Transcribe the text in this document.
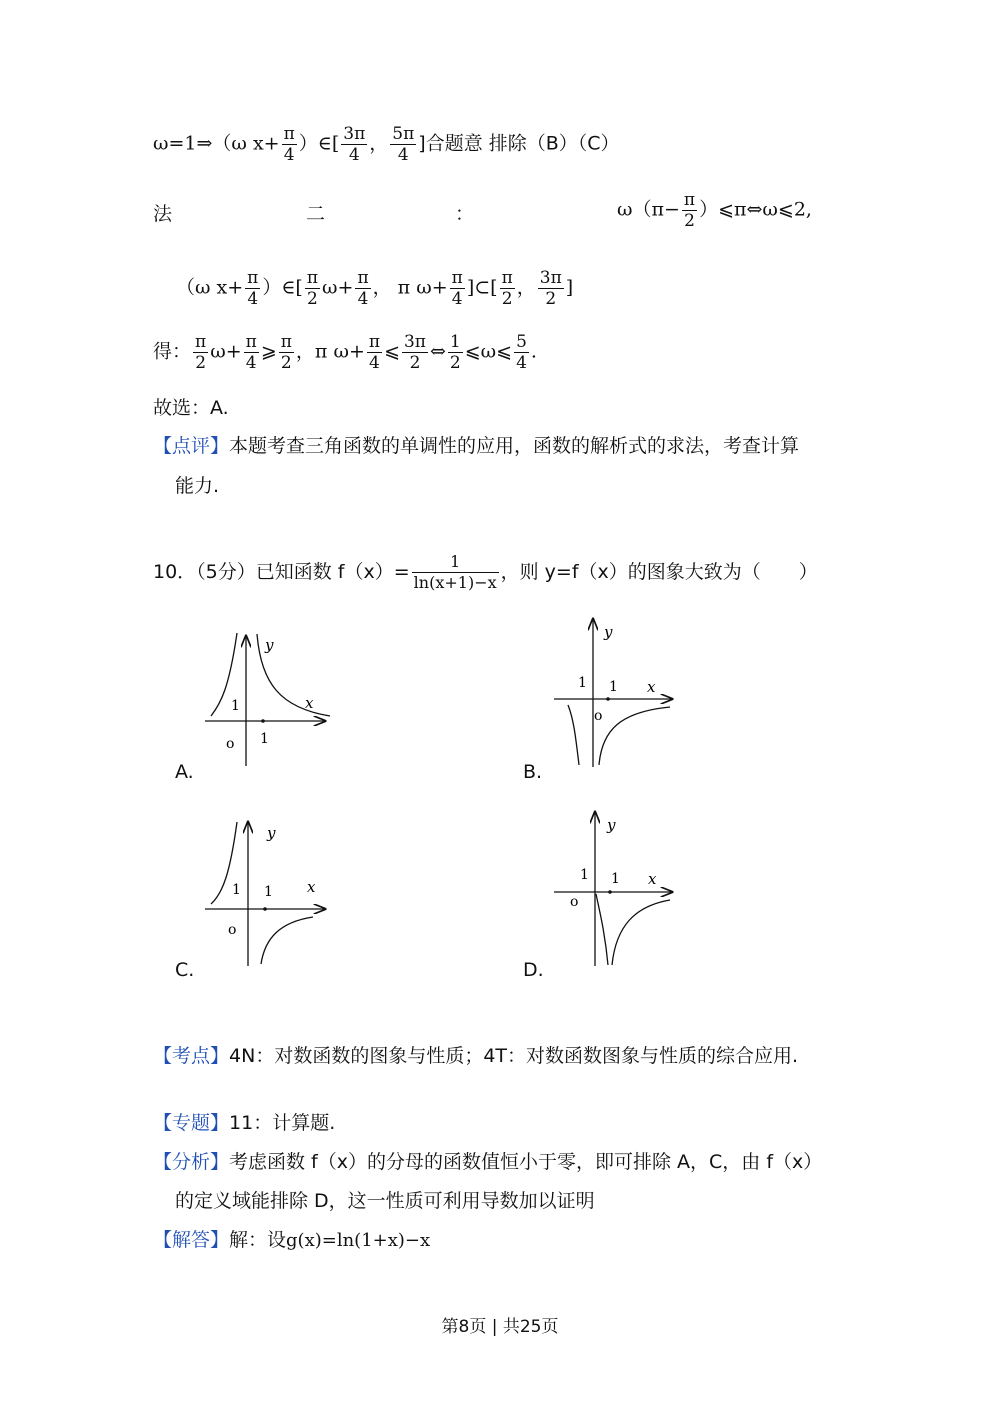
ω=1⇒（ω $x+ \frac{\pi}{4}$ ）∈[ $\frac{3\pi}{4}$ ， $\frac{5\pi}{4}$ ]合题意 排除（B）（C）
法	二	：	$\omega(\pi- \frac{\pi}{2}$ ）⩽π⇔ω⩽2,
（ω $x+ \frac{\pi}{4}$ ）∈[ $\frac{\pi}{2} \omega+ \frac{\pi}{4}$ ， π $\omega+ \frac{\pi}{4}$ ]⊂[ $\frac{\pi}{2}$ ， $\frac{3\pi}{2}$ ]
得： $\frac{\pi}{2} \omega+ \frac{\pi}{4}$ ⩾ $\frac{\pi}{2}$ ，π $\omega+ \frac{\pi}{4}$ ⩽ $\frac{3\pi}{2}$ ⇔ $\frac{1}{2}$ ⩽ω⩽ $\frac{5}{4}$ .
故选：A.
【点评】本题考查三角函数的单调性的应用，函数的解析式的求法，考查计算
能力.
10．（5分）已知函数 $f(x)= \frac{1}{\ln(x+1)-x}$ ，则 y=f（x）的图象大致为（　　）
y
x
o 1
1
A.
y
x
o
1
1
B.
y
x
o
1
1
C.
y
x
o
1
1
D.
【考点】4N：对数函数的图象与性质；4T：对数函数图象与性质的综合应用.
【专题】11：计算题.
【分析】考虑函数 f（x）的分母的函数值恒小于零，即可排除 A，C，由 f（x）
的定义域能排除 D，这一性质可利用导数加以证明
【解答】解：设g(x)=ln(1+x)−x
第8页 | 共25页
